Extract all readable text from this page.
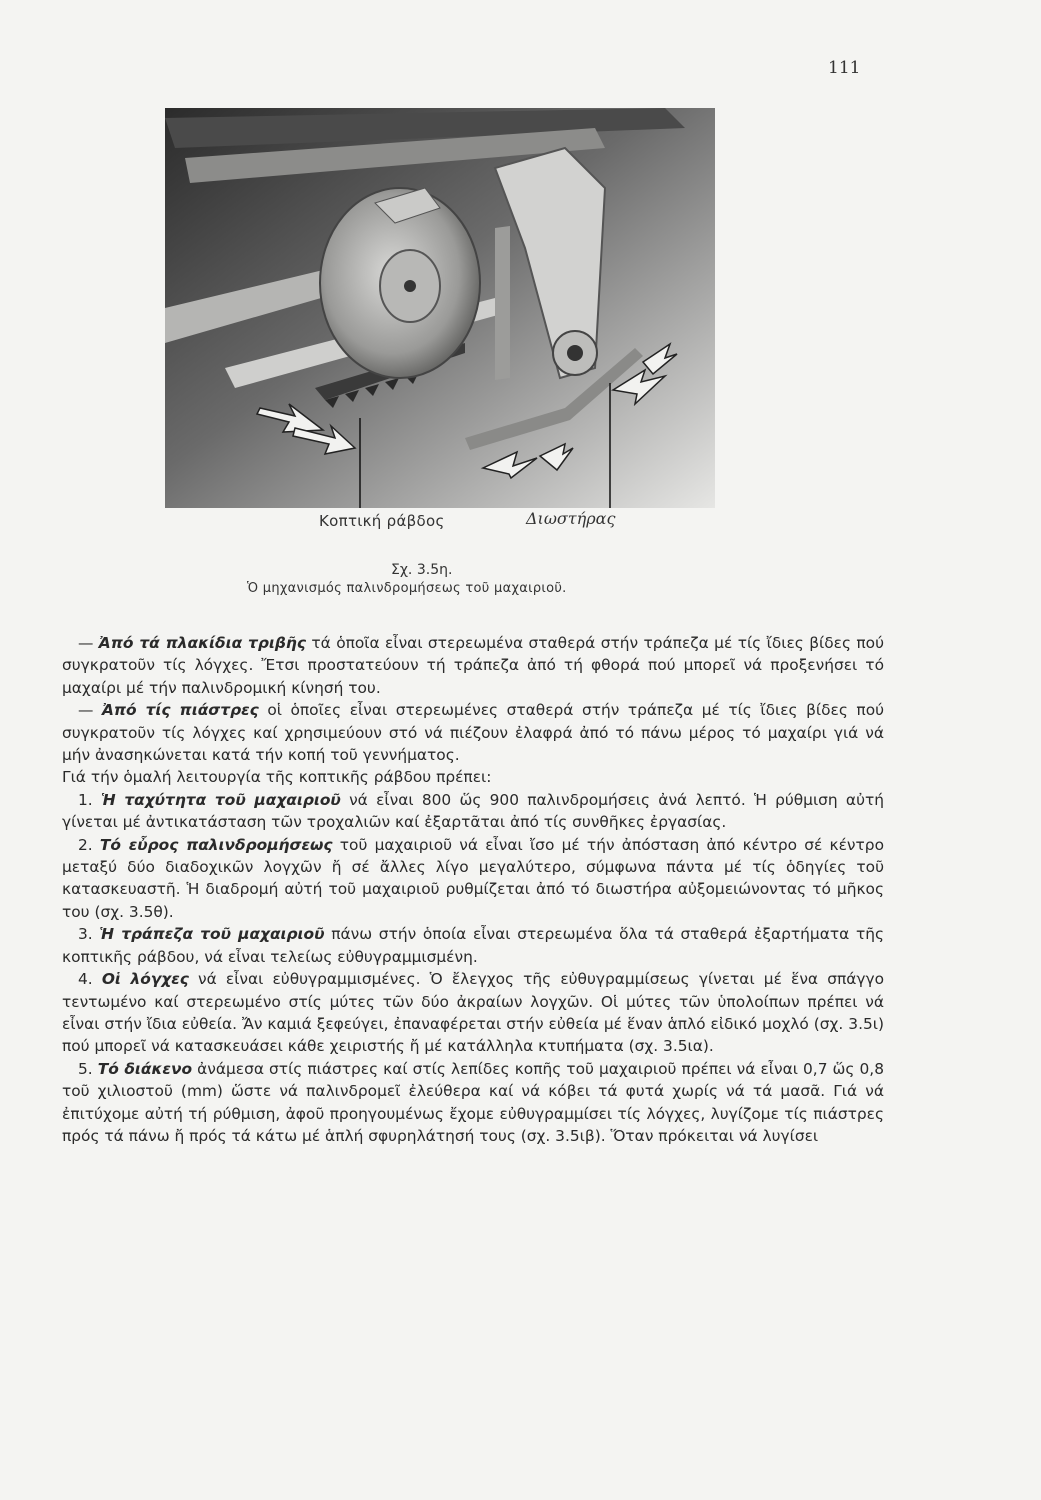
111
Κοπτική ράβδος	Διωστήρας
Σχ. 3.5η.
Ὁ μηχανισμός παλινδρομήσεως τοῦ μαχαιριοῦ.

— Ἀπό τά πλακίδια τριβῆς τά ὁποῖα εἶναι στερεωμένα σταθερά στήν τράπεζα μέ τίς ἴδιες βίδες πού συγκρατοῦν τίς λόγχες. Ἔτσι προστατεύουν τή τράπεζα ἀπό τή φθορά πού μπορεῖ νά προξενήσει τό μαχαίρι μέ τήν παλινδρομική κίνησή του.

— Ἀπό τίς πιάστρες οἱ ὁποῖες εἶναι στερεωμένες σταθερά στήν τράπεζα μέ τίς ἴδιες βίδες πού συγκρατοῦν τίς λόγχες καί χρησιμεύουν στό νά πιέζουν ἐλαφρά ἀπό τό πάνω μέρος τό μαχαίρι γιά νά μήν ἀνασηκώνεται κατά τήν κοπή τοῦ γεννήματος.

Γιά τήν ὁμαλή λειτουργία τῆς κοπτικῆς ράβδου πρέπει:

1. Ἡ ταχύτητα τοῦ μαχαιριοῦ νά εἶναι 800 ὥς 900 παλινδρομήσεις ἀνά λεπτό. Ἡ ρύθμιση αὐτή γίνεται μέ ἀντικατάσταση τῶν τροχαλιῶν καί ἐξαρτᾶται ἀπό τίς συνθῆκες ἐργασίας.

2. Τό εὖρος παλινδρομήσεως τοῦ μαχαιριοῦ νά εἶναι ἴσο μέ τήν ἀπόσταση ἀπό κέντρο σέ κέντρο μεταξύ δύο διαδοχικῶν λογχῶν ἤ σέ ἄλλες λίγο μεγαλύτερο, σύμφωνα πάντα μέ τίς ὁδηγίες τοῦ κατασκευαστῆ. Ἡ διαδρομή αὐτή τοῦ μαχαιριοῦ ρυθμίζεται ἀπό τό διωστήρα αὐξομειώνοντας τό μῆκος του (σχ. 3.5θ).

3. Ἡ τράπεζα τοῦ μαχαιριοῦ πάνω στήν ὁποία εἶναι στερεωμένα ὅλα τά σταθερά ἐξαρτήματα τῆς κοπτικῆς ράβδου, νά εἶναι τελείως εὐθυγραμμισμένη.

4. Οἱ λόγχες νά εἶναι εὐθυγραμμισμένες. Ὁ ἔλεγχος τῆς εὐθυγραμμίσεως γίνεται μέ ἕνα σπάγγο τεντωμένο καί στερεωμένο στίς μύτες τῶν δύο ἀκραίων λογχῶν. Οἱ μύτες τῶν ὑπολοίπων πρέπει νά εἶναι στήν ἴδια εὐθεία. Ἄν καμιά ξεφεύγει, ἐπαναφέρεται στήν εὐθεία μέ ἕναν ἁπλό εἰδικό μοχλό (σχ. 3.5ι) πού μπορεῖ νά κατασκευάσει κάθε χειριστής ἤ μέ κατάλληλα κτυπήματα (σχ. 3.5ια).

5. Τό διάκενο ἀνάμεσα στίς πιάστρες καί στίς λεπίδες κοπῆς τοῦ μαχαιριοῦ πρέπει νά εἶναι 0,7 ὥς 0,8 τοῦ χιλιοστοῦ (mm) ὥστε νά παλινδρομεῖ ἐλεύθερα καί νά κόβει τά φυτά χωρίς νά τά μασᾶ. Γιά νά ἐπιτύχομε αὐτή τή ρύθμιση, ἀφοῦ προηγουμένως ἔχομε εὐθυγραμμίσει τίς λόγχες, λυγίζομε τίς πιάστρες πρός τά πάνω ἤ πρός τά κάτω μέ ἁπλή σφυρηλάτησή τους (σχ. 3.5ιβ). Ὅταν πρόκειται νά λυγίσει
